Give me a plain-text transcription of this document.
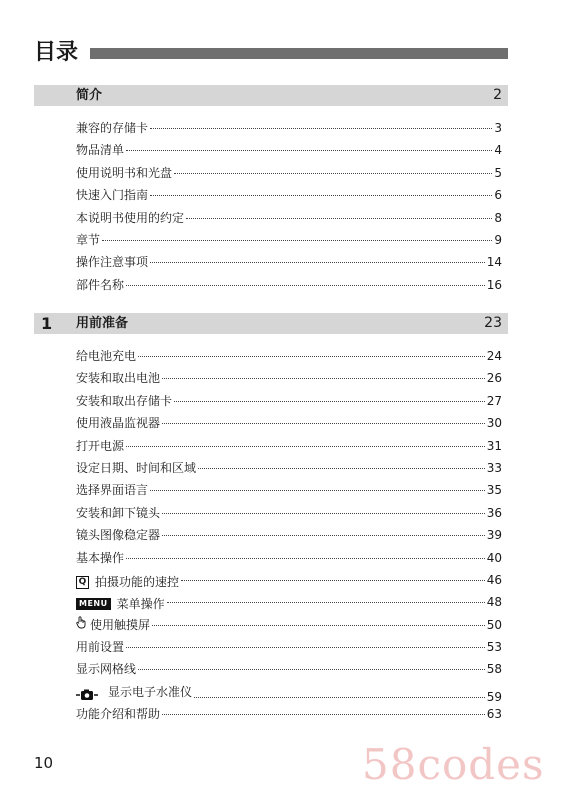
目录
简介	2
兼容的存储卡	3
物品清单	4
使用说明书和光盘	5
快速入门指南	6
本说明书使用的约定	8
章节	9
操作注意事项	14
部件名称	16
1 用前准备	23
给电池充电	24
安装和取出电池	26
安装和取出存储卡	27
使用液晶监视器	30
打开电源	31
设定日期、时间和区域	33
选择界面语言	35
安装和卸下镜头	36
镜头图像稳定器	39
基本操作	40
Q 拍摄功能的速控	46
MENU 菜单操作	48
使用触摸屏	50
用前设置	53
显示网格线	58
显示电子水准仪	59
功能介绍和帮助	63
10	58codes
